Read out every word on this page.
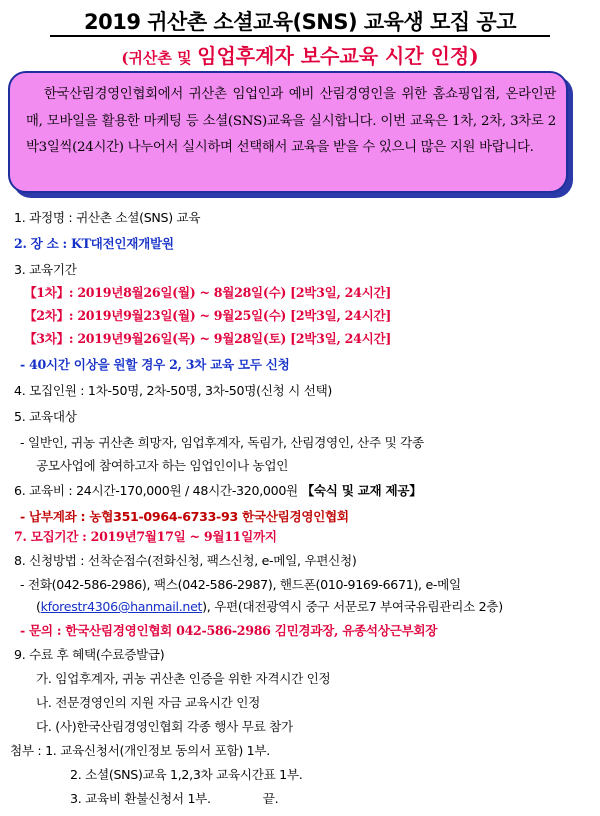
2019 귀산촌 소셜교육(SNS) 교육생 모집 공고
(귀산촌 및 임업후계자 보수교육 시간 인정)
한국산림경영인협회에서 귀산촌 임업인과 예비 산림경영인을 위한 홈쇼핑입점, 온라인판매, 모바일을 활용한 마케팅 등 소셜(SNS)교육을 실시합니다. 이번 교육은 1차, 2차, 3차로 2박3일씩(24시간) 나누어서 실시하며 선택해서 교육을 받을 수 있으니 많은 지원 바랍니다.
1. 과정명 : 귀산촌 소셜(SNS) 교육
2. 장 소 : KT대전인재개발원
3. 교육기간
【1차】: 2019년8월26일(월) ~ 8월28일(수) [2박3일, 24시간]
【2차】: 2019년9월23일(월) ~ 9월25일(수) [2박3일, 24시간]
【3차】: 2019년9월26일(목) ~ 9월28일(토) [2박3일, 24시간]
- 40시간 이상을 원할 경우 2, 3차 교육 모두 신청
4. 모집인원 : 1차-50명, 2차-50명, 3차-50명(신청 시 선택)
5. 교육대상
- 일반인, 귀농 귀산촌 희망자, 임업후계자, 독림가, 산림경영인, 산주 및 각종
공모사업에 참여하고자 하는 임업인이나 농업인
6. 교육비 : 24시간-170,000원 / 48시간-320,000원 【숙식 및 교재 제공】
- 납부계좌 : 농협351-0964-6733-93 한국산림경영인협회
7. 모집기간 : 2019년7월17일 ~ 9월11일까지
8. 신청방법 : 선착순접수(전화신청, 팩스신청, e-메일, 우편신청)
- 전화(042-586-2986), 팩스(042-586-2987), 핸드폰(010-9169-6671), e-메일
(kforestr4306@hanmail.net), 우편(대전광역시 중구 서문로7 부여국유림관리소 2층)
- 문의 : 한국산림경영인협회 042-586-2986 김민경과장, 유종석상근부회장
9. 수료 후 혜택(수료증발급)
가. 임업후계자, 귀농 귀산촌 인증을 위한 자격시간 인정
나. 전문경영인의 지원 자금 교육시간 인정
다. (사)한국산림경영인협회 각종 행사 무료 참가
첨부 : 1. 교육신청서(개인정보 동의서 포함) 1부.
2. 소셜(SNS)교육 1,2,3차 교육시간표 1부.
3. 교육비 환불신청서 1부.	끝.
